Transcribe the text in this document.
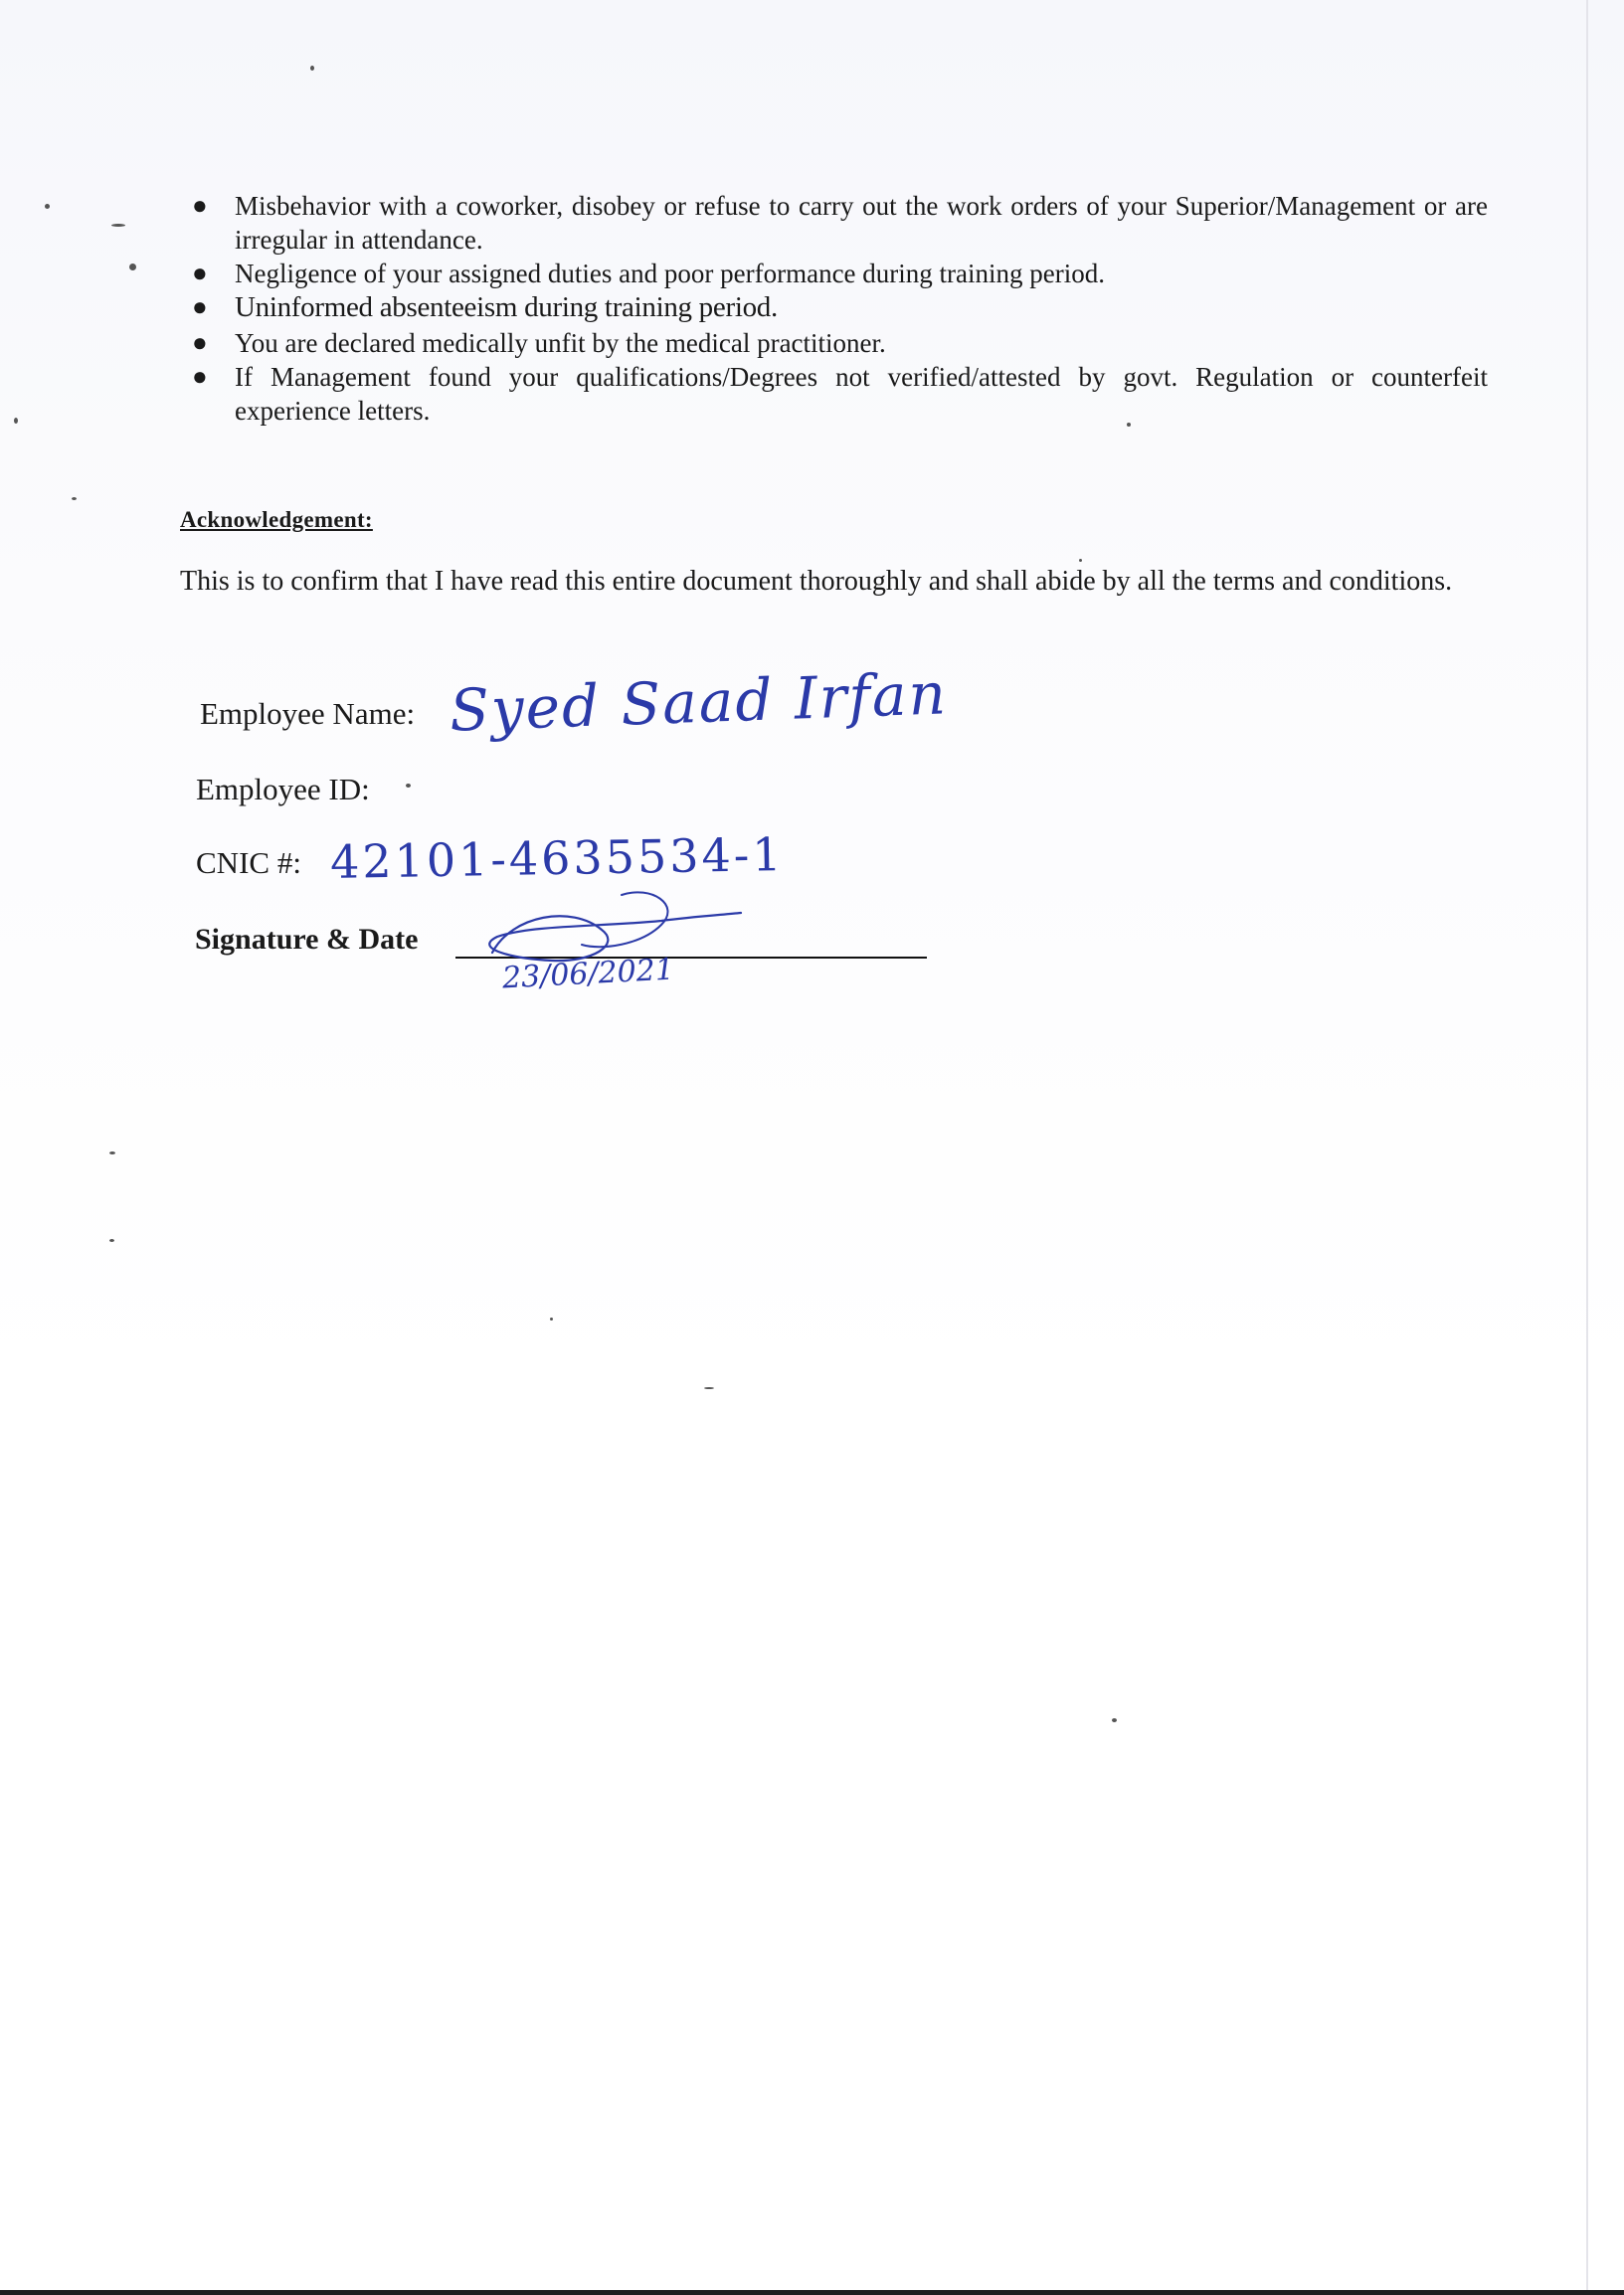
● Misbehavior with a coworker, disobey or refuse to carry out the work orders of your Superior/Management or are irregular in attendance.
● Negligence of your assigned duties and poor performance during training period.
● Uninformed absenteeism during training period.
● You are declared medically unfit by the medical practitioner.
● If Management found your qualifications/Degrees not verified/attested by govt. Regulation or counterfeit experience letters.
Acknowledgement:
This is to confirm that I have read this entire document thoroughly and shall abide by all the terms and conditions.
Employee Name: Syed Saad Irfan
Employee ID:
CNIC #: 42101-4635534-1
Signature & Date
23/06/2021
